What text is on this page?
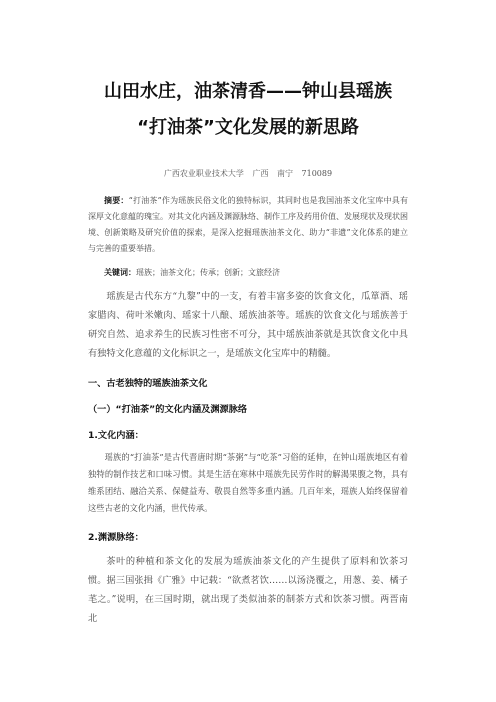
山田水庄，油茶清香——钟山县瑶族
“打油茶”文化发展的新思路
广西农业职业技术大学 广西 南宁 710089
摘要：“打油茶”作为瑶族民俗文化的独特标识，其同时也是我国油茶文化宝库中具有深厚文化意蕴的瑰宝。对其文化内涵及渊源脉络、制作工序及药用价值、发展现状及现状困境、创新策略及研究价值的探索，是深入挖掘瑶族油茶文化、助力“非遗”文化体系的建立与完善的重要举措。
关键词：瑶族；油茶文化；传承；创新；文旅经济

瑶族是古代东方“九黎”中的一支，有着丰富多姿的饮食文化，瓜箪酒、瑶家腊肉、荷叶米嫩肉、瑶家十八酿、瑶族油茶等。瑶族的饮食文化与瑶族善于研究自然、追求养生的民族习性密不可分，其中瑶族油茶就是其饮食文化中具有独特文化意蕴的文化标识之一，是瑶族文化宝库中的精髓。

一、古老独特的瑶族油茶文化
（一）“打油茶”的文化内涵及渊源脉络
1.文化内涵：

瑶族的“打油茶”是古代晋唐时期“茶粥”与“吃茶”习俗的延伸，在钟山瑶族地区有着独特的制作技艺和口味习惯。其是生活在寒林中瑶族先民劳作时的解渴果腹之物，具有维系团结、融洽关系、保健益寿、敬畏自然等多重内涵。几百年来，瑶族人始终保留着这些古老的文化内涵，世代传承。

2.渊源脉络：

茶叶的种植和茶文化的发展为瑶族油茶文化的产生提供了原料和饮茶习惯。据三国张揖《广雅》中记载：“欲煮茗饮……以汤浇覆之，用葱、姜、橘子芼之。”说明，在三国时期，就出现了类似油茶的制茶方式和饮茶习惯。两晋南北
